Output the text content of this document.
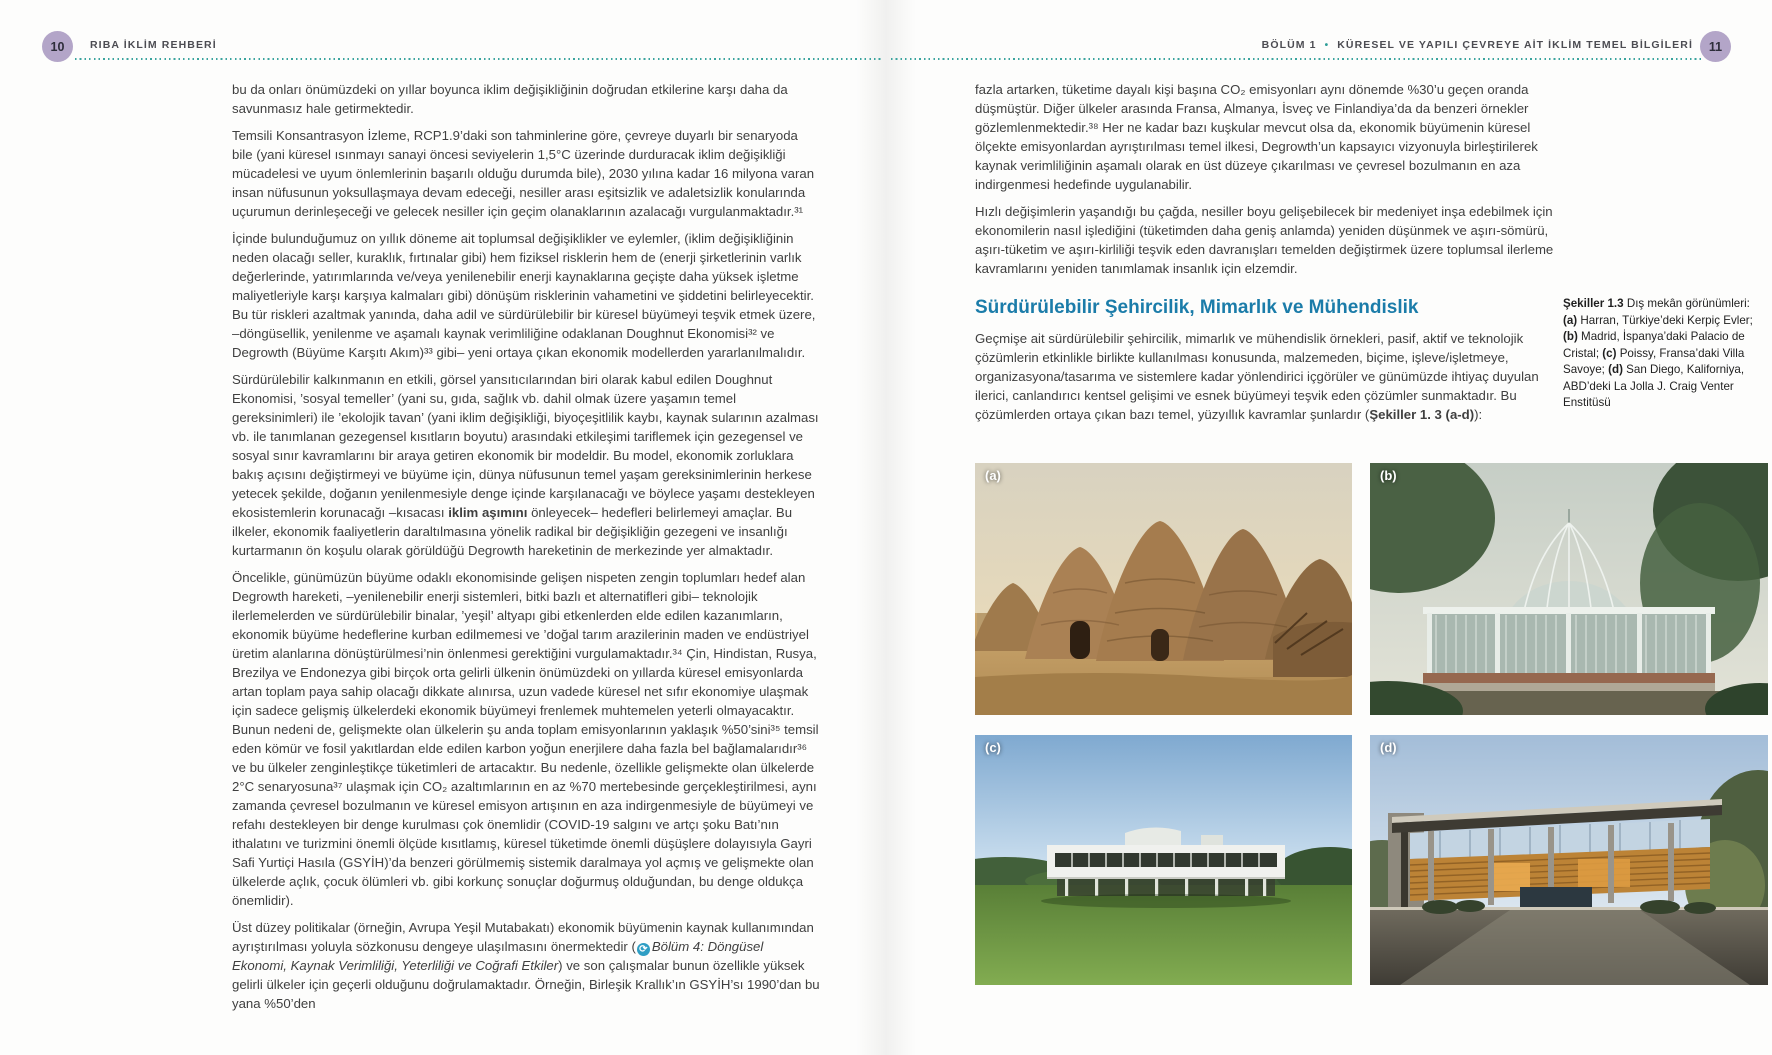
10	RIBA İKLİM REHBERİ	BÖLÜM 1 • KÜRESEL VE YAPILI ÇEVREYE AİT İKLİM TEMEL BİLGİLERİ	11

bu da onları önümüzdeki on yıllar boyunca iklim değişikliğinin doğrudan etkilerine karşı daha da savunmasız hale getirmektedir.

Temsili Konsantrasyon İzleme, RCP1.9’daki son tahminlerine göre, çevreye duyarlı bir senaryoda bile (yani küresel ısınmayı sanayi öncesi seviyelerin 1,5°C üzerinde durduracak iklim değişikliği mücadelesi ve uyum önlemlerinin başarılı olduğu durumda bile), 2030 yılına kadar 16 milyona varan insan nüfusunun yoksullaşmaya devam edeceği, nesiller arası eşitsizlik ve adaletsizlik konularında uçurumun derinleşeceği ve gelecek nesiller için geçim olanaklarının azalacağı vurgulanmaktadır.³¹

İçinde bulunduğumuz on yıllık döneme ait toplumsal değişiklikler ve eylemler, (iklim değişikliğinin neden olacağı seller, kuraklık, fırtınalar gibi) hem fiziksel risklerin hem de (enerji şirketlerinin varlık değerlerinde, yatırımlarında ve/veya yenilenebilir enerji kaynaklarına geçişte daha yüksek işletme maliyetleriyle karşı karşıya kalmaları gibi) dönüşüm risklerinin vahametini ve şiddetini belirleyecektir. Bu tür riskleri azaltmak yanında, daha adil ve sürdürülebilir bir küresel büyümeyi teşvik etmek üzere, –döngüsellik, yenilenme ve aşamalı kaynak verimliliğine odaklanan Doughnut Ekonomisi³² ve Degrowth (Büyüme Karşıtı Akım)³³ gibi– yeni ortaya çıkan ekonomik modellerden yararlanılmalıdır.

Sürdürülebilir kalkınmanın en etkili, görsel yansıtıcılarından biri olarak kabul edilen Doughnut Ekonomisi, ’sosyal temeller’ (yani su, gıda, sağlık vb. dahil olmak üzere yaşamın temel gereksinimleri) ile ’ekolojik tavan’ (yani iklim değişikliği, biyoçeşitlilik kaybı, kaynak sularının azalması vb. ile tanımlanan gezegensel kısıtların boyutu) arasındaki etkileşimi tariflemek için gezegensel ve sosyal sınır kavramlarını bir araya getiren ekonomik bir modeldir. Bu model, ekonomik zorluklara bakış açısını değiştirmeyi ve büyüme için, dünya nüfusunun temel yaşam gereksinimlerinin herkese yetecek şekilde, doğanın yenilenmesiyle denge içinde karşılanacağı ve böylece yaşamı destekleyen ekosistemlerin korunacağı –kısacası iklim aşımını önleyecek– hedefleri belirlemeyi amaçlar. Bu ilkeler, ekonomik faaliyetlerin daraltılmasına yönelik radikal bir değişikliğin gezegeni ve insanlığı kurtarmanın ön koşulu olarak görüldüğü Degrowth hareketinin de merkezinde yer almaktadır.

Öncelikle, günümüzün büyüme odaklı ekonomisinde gelişen nispeten zengin toplumları hedef alan Degrowth hareketi, –yenilenebilir enerji sistemleri, bitki bazlı et alternatifleri gibi– teknolojik ilerlemelerden ve sürdürülebilir binalar, ’yeşil’ altyapı gibi etkenlerden elde edilen kazanımların, ekonomik büyüme hedeflerine kurban edilmemesi ve ’doğal tarım arazilerinin maden ve endüstriyel üretim alanlarına dönüştürülmesi’nin önlenmesi gerektiğini vurgulamaktadır.³⁴ Çin, Hindistan, Rusya, Brezilya ve Endonezya gibi birçok orta gelirli ülkenin önümüzdeki on yıllarda küresel emisyonlarda artan toplam paya sahip olacağı dikkate alınırsa, uzun vadede küresel net sıfır ekonomiye ulaşmak için sadece gelişmiş ülkelerdeki ekonomik büyümeyi frenlemek muhtemelen yeterli olmayacaktır. Bunun nedeni de, gelişmekte olan ülkelerin şu anda toplam emisyonlarının yaklaşık %50’sini³⁵ temsil eden kömür ve fosil yakıtlardan elde edilen karbon yoğun enerjilere daha fazla bel bağlamalarıdır³⁶ ve bu ülkeler zenginleştikçe tüketimleri de artacaktır. Bu nedenle, özellikle gelişmekte olan ülkelerde 2°C senaryosuna³⁷ ulaşmak için CO₂ azaltımlarının en az %70 mertebesinde gerçekleştirilmesi, aynı zamanda çevresel bozulmanın ve küresel emisyon artışının en aza indirgenmesiyle de büyümeyi ve refahı destekleyen bir denge kurulması çok önemlidir (COVID-19 salgını ve artçı şoku Batı’nın ithalatını ve turizmini önemli ölçüde kısıtlamış, küresel tüketimde önemli düşüşlere dolayısıyla Gayri Safi Yurtiçi Hasıla (GSYİH)’da benzeri görülmemiş sistemik daralmaya yol açmış ve gelişmekte olan ülkelerde açlık, çocuk ölümleri vb. gibi korkunç sonuçlar doğurmuş olduğundan, bu denge oldukça önemlidir).

Üst düzey politikalar (örneğin, Avrupa Yeşil Mutabakatı) ekonomik büyümenin kaynak kullanımından ayrıştırılması yoluyla sözkonusu dengeye ulaşılmasını önermektedir ( ⟳ Bölüm 4: Döngüsel Ekonomi, Kaynak Verimliliği, Yeterliliği ve Coğrafi Etkiler) ve son çalışmalar bunun özellikle yüksek gelirli ülkeler için geçerli olduğunu doğrulamaktadır. Örneğin, Birleşik Krallık’ın GSYİH’sı 1990’dan bu yana %50’den

fazla artarken, tüketime dayalı kişi başına CO₂ emisyonları aynı dönemde %30’u geçen oranda düşmüştür. Diğer ülkeler arasında Fransa, Almanya, İsveç ve Finlandiya’da da benzeri örnekler gözlemlenmektedir.³⁸ Her ne kadar bazı kuşkular mevcut olsa da, ekonomik büyümenin küresel ölçekte emisyonlardan ayrıştırılması temel ilkesi, Degrowth’un kapsayıcı vizyonuyla birleştirilerek kaynak verimliliğinin aşamalı olarak en üst düzeye çıkarılması ve çevresel bozulmanın en aza indirgenmesi hedefinde uygulanabilir.

Hızlı değişimlerin yaşandığı bu çağda, nesiller boyu gelişebilecek bir medeniyet inşa edebilmek için ekonomilerin nasıl işlediğini (tüketimden daha geniş anlamda) yeniden düşünmek ve aşırı-sömürü, aşırı-tüketim ve aşırı-kirliliği teşvik eden davranışları temelden değiştirmek üzere toplumsal ilerleme kavramlarını yeniden tanımlamak insanlık için elzemdir.

Sürdürülebilir Şehircilik, Mimarlık ve Mühendislik

Geçmişe ait sürdürülebilir şehircilik, mimarlık ve mühendislik örnekleri, pasif, aktif ve teknolojik çözümlerin etkinlikle birlikte kullanılması konusunda, malzemeden, biçime, işleve/işletmeye, organizasyona/tasarıma ve sistemlere kadar yönlendirici içgörüler ve günümüzde ihtiyaç duyulan ilerici, canlandırıcı kentsel gelişimi ve esnek büyümeyi teşvik eden çözümler sunmaktadır. Bu çözümlerden ortaya çıkan bazı temel, yüzyıllık kavramlar şunlardır (Şekiller 1. 3 (a-d)):

Şekiller 1.3 Dış mekân görünümleri: (a) Harran, Türkiye’deki Kerpiç Evler; (b) Madrid, İspanya’daki Palacio de Cristal; (c) Poissy, Fransa’daki Villa Savoye; (d) San Diego, Kaliforniya, ABD’deki La Jolla J. Craig Venter Enstitüsü
(a)	(b)
(c)	(d)
